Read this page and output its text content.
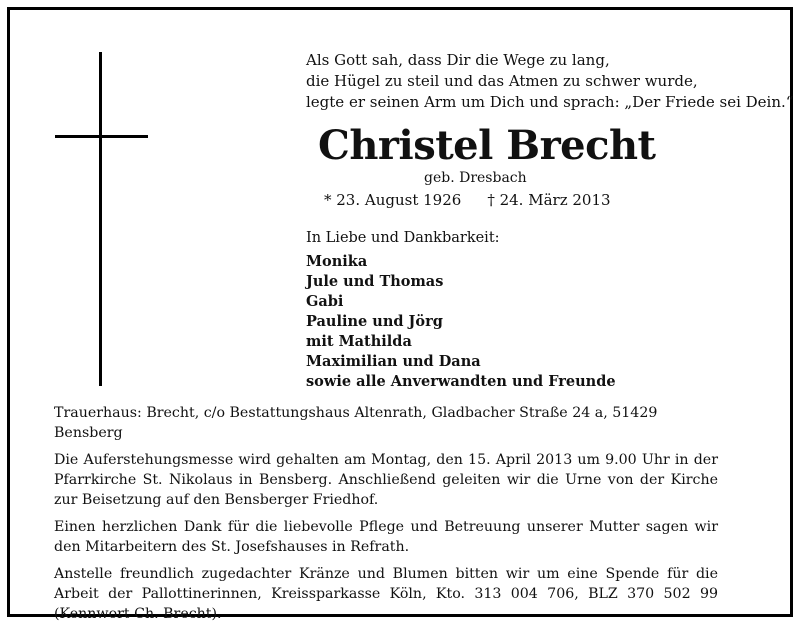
Als Gott sah, dass Dir die Wege zu lang,
die Hügel zu steil und das Atmen zu schwer wurde,
legte er seinen Arm um Dich und sprach: „Der Friede sei Dein.“
Christel Brecht
geb. Dresbach
* 23. August 1926 † 24. März 2013
In Liebe und Dankbarkeit:
Monika
Jule und Thomas
Gabi
Pauline und Jörg
mit Mathilda
Maximilian und Dana
sowie alle Anverwandten und Freunde

Trauerhaus: Brecht, c/o Bestattungshaus Altenrath, Gladbacher Straße 24 a, 51429 Bensberg

Die Auferstehungsmesse wird gehalten am Montag, den 15. April 2013 um 9.00 Uhr in der Pfarrkirche St. Nikolaus in Bensberg. Anschließend geleiten wir die Urne von der Kirche zur Beisetzung auf den Bensberger Friedhof.

Einen herzlichen Dank für die liebevolle Pflege und Betreuung unserer Mutter sagen wir den Mitarbeitern des St. Josefshauses in Refrath.

Anstelle freundlich zugedachter Kränze und Blumen bitten wir um eine Spende für die Arbeit der Pallottinerinnen, Kreissparkasse Köln, Kto. 313 004 706, BLZ 370 502 99 (Kennwort Ch. Brecht).
